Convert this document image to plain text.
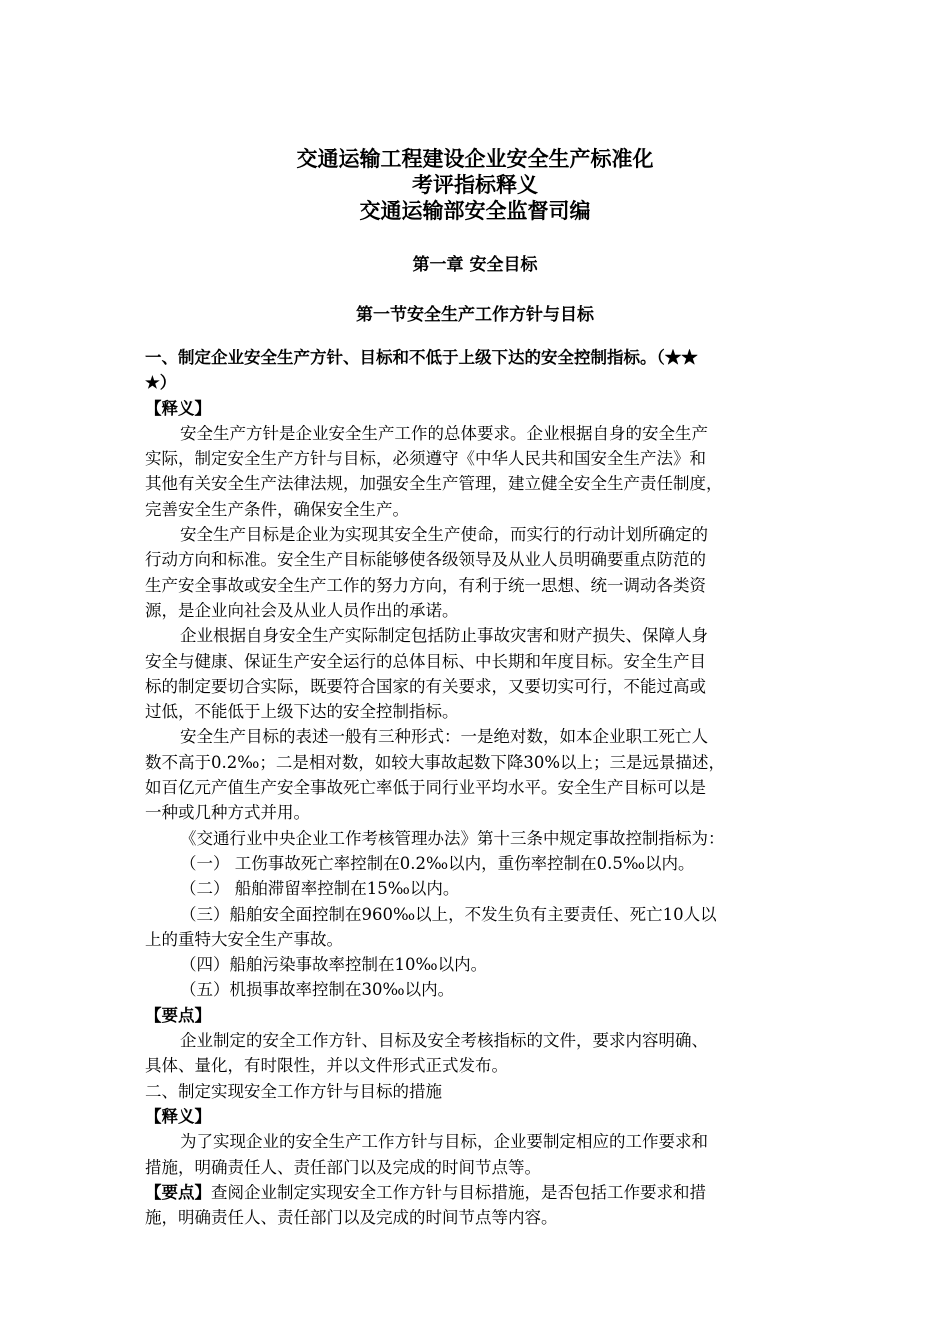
交通运输工程建设企业安全生产标准化
考评指标释义
交通运输部安全监督司编
第一章 安全目标
第一节安全生产工作方针与目标
一、制定企业安全生产方针、目标和不低于上级下达的安全控制指标。（★★
★）
【释义】
安全生产方针是企业安全生产工作的总体要求。企业根据自身的安全生产
实际，制定安全生产方针与目标，必须遵守《中华人民共和国安全生产法》和
其他有关安全生产法律法规，加强安全生产管理，建立健全安全生产责任制度，
完善安全生产条件，确保安全生产。
安全生产目标是企业为实现其安全生产使命，而实行的行动计划所确定的
行动方向和标准。安全生产目标能够使各级领导及从业人员明确要重点防范的
生产安全事故或安全生产工作的努力方向，有利于统一思想、统一调动各类资
源，是企业向社会及从业人员作出的承诺。
企业根据自身安全生产实际制定包括防止事故灾害和财产损失、保障人身
安全与健康、保证生产安全运行的总体目标、中长期和年度目标。安全生产目
标的制定要切合实际，既要符合国家的有关要求，又要切实可行，不能过高或
过低，不能低于上级下达的安全控制指标。
安全生产目标的表述一般有三种形式：一是绝对数，如本企业职工死亡人
数不高于0.2‰；二是相对数，如较大事故起数下降30%以上；三是远景描述，
如百亿元产值生产安全事故死亡率低于同行业平均水平。安全生产目标可以是
一种或几种方式并用。
《交通行业中央企业工作考核管理办法》第十三条中规定事故控制指标为：
（一） 工伤事故死亡率控制在0.2‰以内，重伤率控制在0.5‰以内。
（二） 船舶滞留率控制在15‰以内。
（三）船舶安全面控制在960‰以上，不发生负有主要责任、死亡10人以
上的重特大安全生产事故。
（四）船舶污染事故率控制在10‰以内。
（五）机损事故率控制在30‰以内。
【要点】
企业制定的安全工作方针、目标及安全考核指标的文件，要求内容明确、
具体、量化，有时限性，并以文件形式正式发布。
二、制定实现安全工作方针与目标的措施
【释义】
为了实现企业的安全生产工作方针与目标，企业要制定相应的工作要求和
措施，明确责任人、责任部门以及完成的时间节点等。
【要点】查阅企业制定实现安全工作方针与目标措施，是否包括工作要求和措
施，明确责任人、责任部门以及完成的时间节点等内容。
